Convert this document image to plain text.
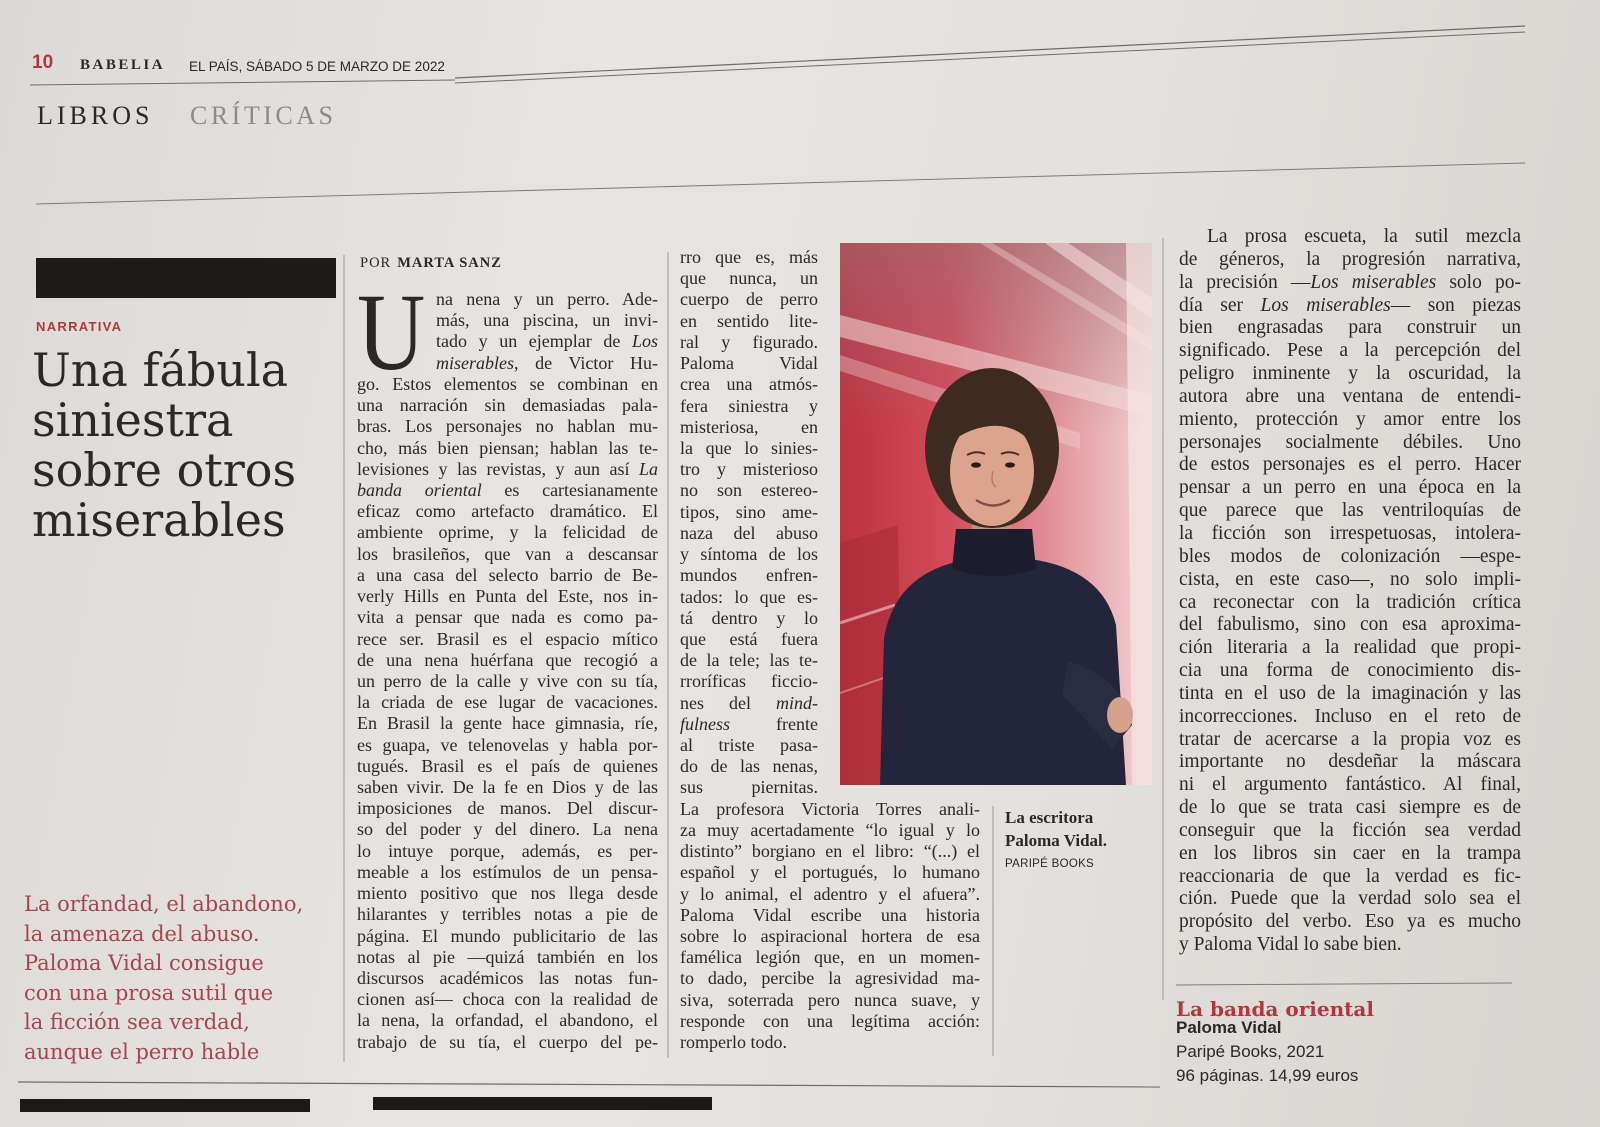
10 BABELIA EL PAÍS, SÁBADO 5 DE MARZO DE 2022
LIBROS CRÍTICAS
NARRATIVA
Una fábula
siniestra
sobre otros
miserables
La orfandad, el abandono,
la amenaza del abuso.
Paloma Vidal consigue
con una prosa sutil que
la ficción sea verdad,
aunque el perro hable
POR MARTA SANZ
U na nena y un perro. Ade-
más, una piscina, un invi-
tado y un ejemplar de Los
miserables, de Victor Hu-
go. Estos elementos se combinan en
una narración sin demasiadas pala-
bras. Los personajes no hablan mu-
cho, más bien piensan; hablan las te-
levisiones y las revistas, y aun así La
banda oriental es cartesianamente
eficaz como artefacto dramático. El
ambiente oprime, y la felicidad de
los brasileños, que van a descansar
a una casa del selecto barrio de Be-
verly Hills en Punta del Este, nos in-
vita a pensar que nada es como pa-
rece ser. Brasil es el espacio mítico
de una nena huérfana que recogió a
un perro de la calle y vive con su tía,
la criada de ese lugar de vacaciones.
En Brasil la gente hace gimnasia, ríe,
es guapa, ve telenovelas y habla por-
tugués. Brasil es el país de quienes
saben vivir. De la fe en Dios y de las
imposiciones de manos. Del discur-
so del poder y del dinero. La nena
lo intuye porque, además, es per-
meable a los estímulos de un pensa-
miento positivo que nos llega desde
hilarantes y terribles notas a pie de
página. El mundo publicitario de las
notas al pie —quizá también en los
discursos académicos las notas fun-
cionen así— choca con la realidad de
la nena, la orfandad, el abandono, el
trabajo de su tía, el cuerpo del pe-
rro que es, más
que nunca, un
cuerpo de perro
en sentido lite-
ral y figurado.
Paloma Vidal
crea una atmós-
fera siniestra y
misteriosa, en
la que lo sinies-
tro y misterioso
no son estereo-
tipos, sino ame-
naza del abuso
y síntoma de los
mundos enfren-
tados: lo que es-
tá dentro y lo
que está fuera
de la tele; las te-
rroríficas ficcio-
nes del mind-
fulness frente
al triste pasa-
do de las nenas,
sus piernitas.
La profesora Victoria Torres anali-
za muy acertadamente “lo igual y lo
distinto” borgiano en el libro: “(...) el
español y el portugués, lo humano
y lo animal, el adentro y el afuera”.
Paloma Vidal escribe una historia
sobre lo aspiracional hortera de esa
famélica legión que, en un momen-
to dado, percibe la agresividad ma-
siva, soterrada pero nunca suave, y
responde con una legítima acción:
romperlo todo.
La prosa escueta, la sutil mezcla
de géneros, la progresión narrativa,
la precisión —Los miserables solo po-
día ser Los miserables— son piezas
bien engrasadas para construir un
significado. Pese a la percepción del
peligro inminente y la oscuridad, la
autora abre una ventana de entendi-
miento, protección y amor entre los
personajes socialmente débiles. Uno
de estos personajes es el perro. Hacer
pensar a un perro en una época en la
que parece que las ventriloquías de
la ficción son irrespetuosas, intolera-
bles modos de colonización —espe-
cista, en este caso—, no solo impli-
ca reconectar con la tradición crítica
del fabulismo, sino con esa aproxima-
ción literaria a la realidad que propi-
cia una forma de conocimiento dis-
tinta en el uso de la imaginación y las
incorrecciones. Incluso en el reto de
tratar de acercarse a la propia voz es
importante no desdeñar la máscara
ni el argumento fantástico. Al final,
de lo que se trata casi siempre es de
conseguir que la ficción sea verdad
en los libros sin caer en la trampa
reaccionaria de que la verdad es fic-
ción. Puede que la verdad solo sea el
propósito del verbo. Eso ya es mucho
y Paloma Vidal lo sabe bien.
La escritora
Paloma Vidal.
PARIPÉ BOOKS
La banda oriental
Paloma Vidal
Paripé Books, 2021
96 páginas. 14,99 euros
